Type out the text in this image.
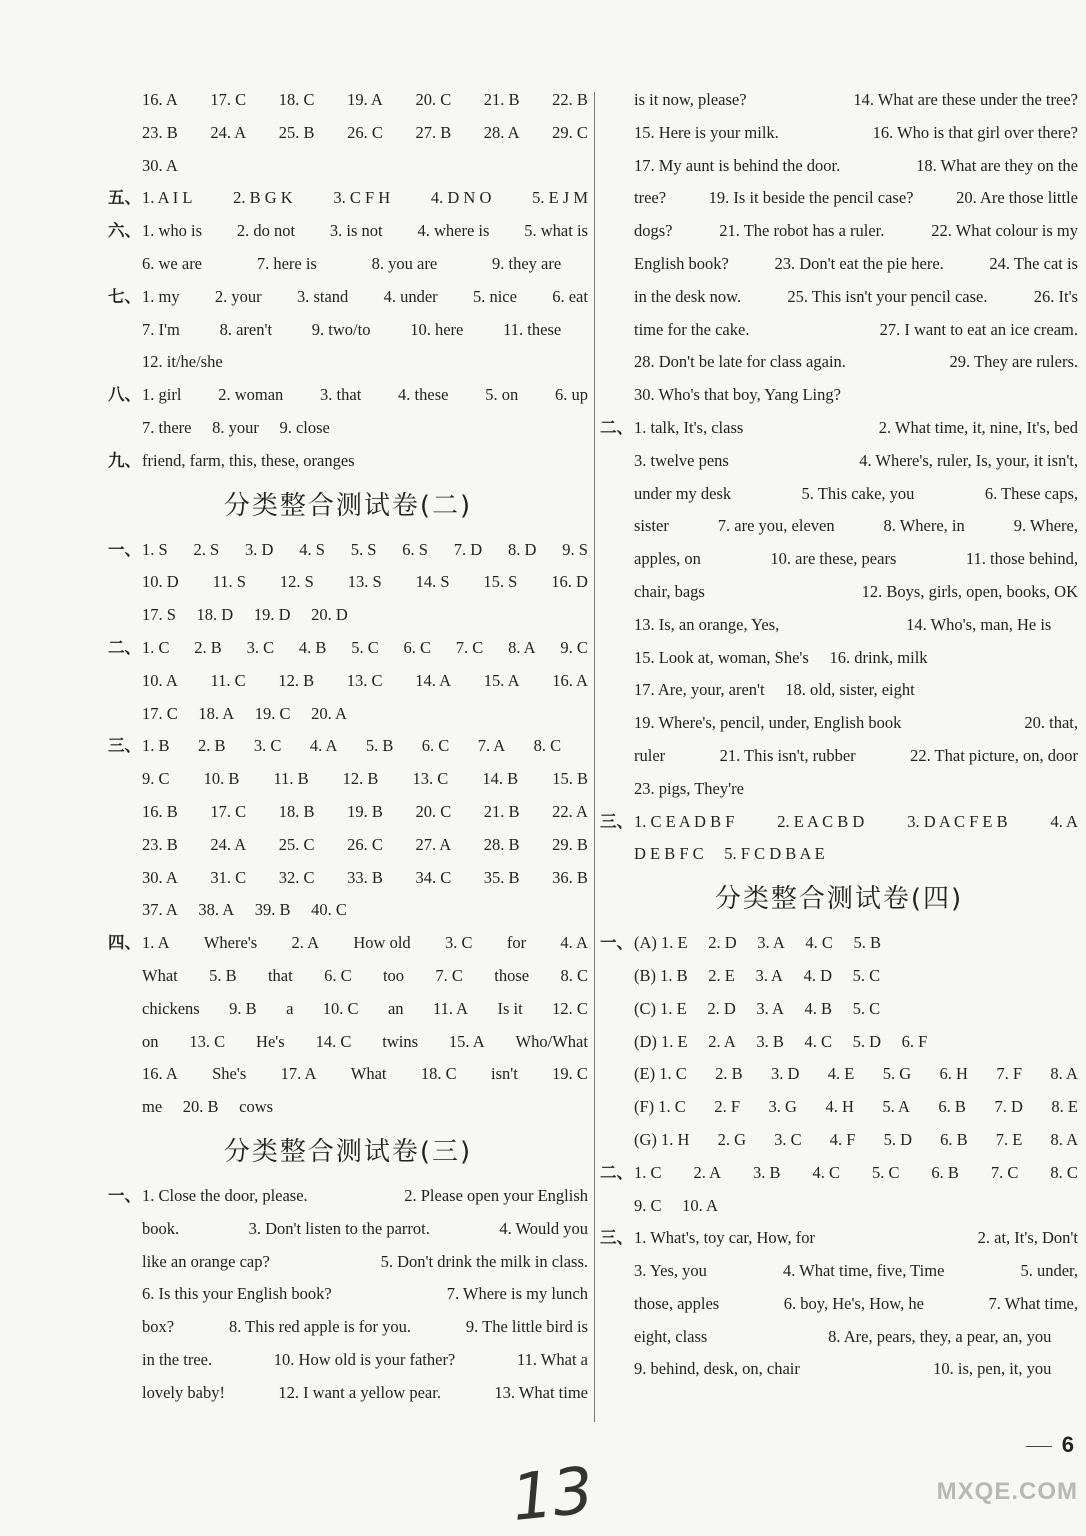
16. A 17. C 18. C 19. A 20. C 21. B 22. B
23. B 24. A 25. B 26. C 27. B 28. A 29. C
30. A
五、 1. A I L 2. B G K 3. C F H 4. D N O 5. E J M
六、 1. who is 2. do not 3. is not 4. where is 5. what is
6. we are	7. here is	8. you are	9. they are
七、 1. my 2. your 3. stand 4. under 5. nice 6. eat
7. I'm 8. aren't 9. two/to 10. here 11. these
12. it/he/she
八、 1. girl 2. woman 3. that 4. these 5. on 6. up
7. there  8. your  9. close
九、 friend, farm, this, these, oranges
分类整合测试卷(二)
一、 1. S 2. S 3. D 4. S 5. S 6. S 7. D 8. D 9. S
10. D 11. S 12. S 13. S 14. S 15. S 16. D
17. S  18. D  19. D  20. D
二、 1. C 2. B 3. C 4. B 5. C 6. C 7. C 8. A 9. C
10. A 11. C 12. B 13. C 14. A 15. A 16. A
17. C  18. A  19. C  20. A
三、 1. B 2. B 3. C 4. A 5. B 6. C 7. A 8. C
9. C 10. B 11. B 12. B 13. C 14. B 15. B
16. B 17. C 18. B 19. B 20. C 21. B 22. A
23. B 24. A 25. C 26. C 27. A 28. B 29. B
30. A 31. C 32. C 33. B 34. C 35. B 36. B
37. A  38. A  39. B  40. C
四、 1. A Where's 2. A How old 3. C for 4. A
What 5. B that 6. C too 7. C those 8. C
chickens 9. B a 10. C an 11. A Is it 12. C
on 13. C He's 14. C twins 15. A Who/What
16. A She's 17. A What 18. C isn't 19. C
me  20. B  cows
分类整合测试卷(三)
一、 1. Close the door, please.	2. Please open your English
book.	3. Don't listen to the parrot.	4. Would you
like an orange cap?	5. Don't drink the milk in class.
6. Is this your English book?	7. Where is my lunch
box?	8. This red apple is for you.	9. The little bird is
in the tree.	10. How old is your father?	11. What a
lovely baby!	12. I want a yellow pear.	13. What time
is it now, please?	14. What are these under the tree?
15. Here is your milk.	16. Who is that girl over there?
17. My aunt is behind the door.	18. What are they on the
tree?	19. Is it beside the pencil case?	20. Are those little
dogs?	21. The robot has a ruler.	22. What colour is my
English book?	23. Don't eat the pie here.	24. The cat is
in the desk now.	25. This isn't your pencil case.	26. It's
time for the cake.	27. I want to eat an ice cream.
28. Don't be late for class again.	29. They are rulers.
30. Who's that boy, Yang Ling?
二、 1. talk, It's, class	2. What time, it, nine, It's, bed
3. twelve pens	4. Where's, ruler, Is, your, it isn't,
under my desk	5. This cake, you	6. These caps,
sister	7. are you, eleven	8. Where, in	9. Where,
apples, on	10. are these, pears	11. those behind,
chair, bags	12. Boys, girls, open, books, OK
13. Is, an orange, Yes,	14. Who's, man, He is
15. Look at, woman, She's  16. drink, milk
17. Are, your, aren't  18. old, sister, eight
19. Where's, pencil, under, English book	20. that,
ruler	21. This isn't, rubber	22. That picture, on, door
23. pigs, They're
三、 1. C E A D B F	2. E A C B D	3. D A C F E B	4. A
D E B F C  5. F C D B A E
分类整合测试卷(四)
一、 (A) 1. E  2. D  3. A  4. C  5. B
(B) 1. B  2. E  3. A  4. D  5. C
(C) 1. E  2. D  3. A  4. B  5. C
(D) 1. E  2. A  3. B  4. C  5. D  6. F
(E) 1. C 2. B 3. D 4. E 5. G 6. H 7. F 8. A
(F) 1. C 2. F 3. G 4. H 5. A 6. B 7. D 8. E
(G) 1. H 2. G 3. C 4. F 5. D 6. B 7. E 8. A
二、 1. C 2. A 3. B 4. C 5. C 6. B 7. C 8. C
9. C  10. A
三、 1. What's, toy car, How, for	2. at, It's, Don't
3. Yes, you	4. What time, five, Time	5. under,
those, apples	6. boy, He's, How, he	7. What time,
eight, class	8. Are, pears, they, a pear, an, you
9. behind, desk, on, chair	10. is, pen, it, you
6
13	MXQE.COM
